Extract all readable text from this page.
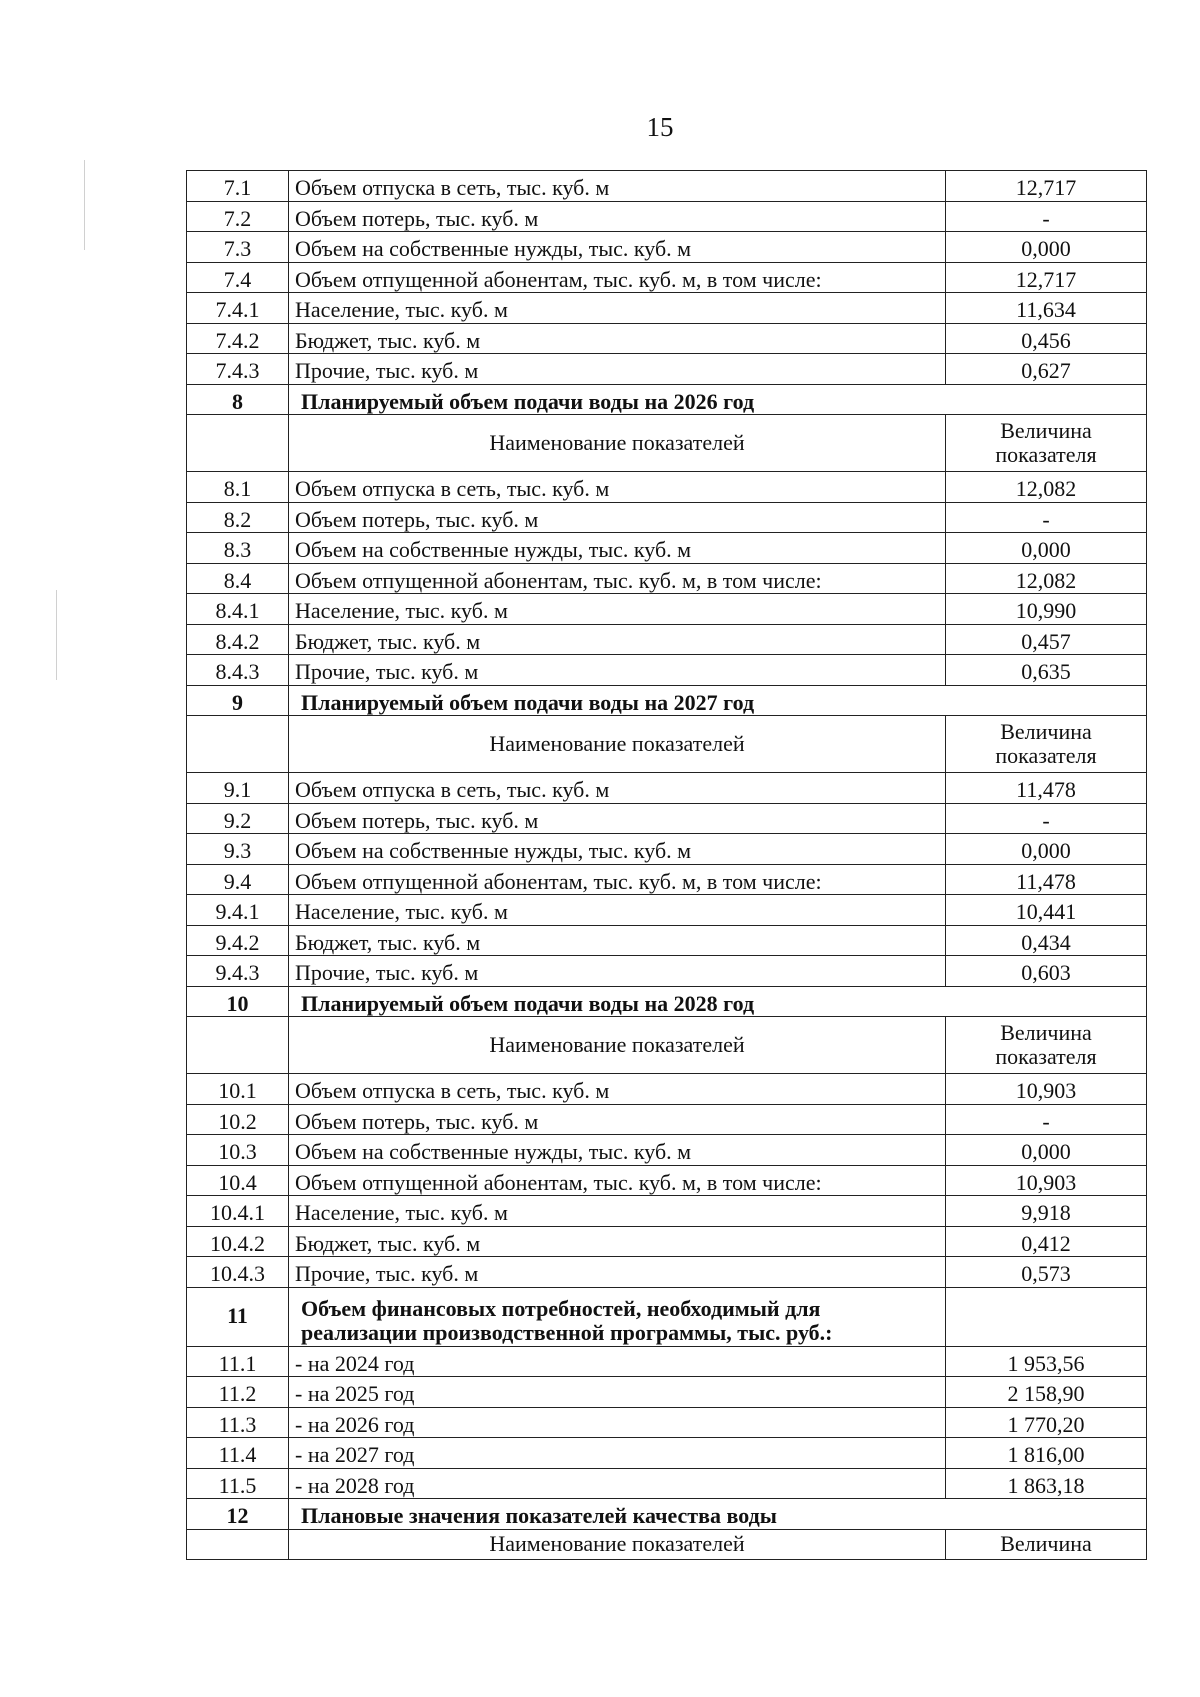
15
7.1	Объем отпуска в сеть, тыс. куб. м	12,717
7.2	Объем потерь, тыс. куб. м	-
7.3	Объем на собственные нужды, тыс. куб. м	0,000
7.4	Объем отпущенной абонентам, тыс. куб. м, в том числе:	12,717
7.4.1	Население, тыс. куб. м	11,634
7.4.2	Бюджет, тыс. куб. м	0,456
7.4.3	Прочие, тыс. куб. м	0,627
8	Планируемый объем подачи воды на 2026 год	
	Наименование показателей	Величина показателя
8.1	Объем отпуска в сеть, тыс. куб. м	12,082
8.2	Объем потерь, тыс. куб. м	-
8.3	Объем на собственные нужды, тыс. куб. м	0,000
8.4	Объем отпущенной абонентам, тыс. куб. м, в том числе:	12,082
8.4.1	Население, тыс. куб. м	10,990
8.4.2	Бюджет, тыс. куб. м	0,457
8.4.3	Прочие, тыс. куб. м	0,635
9	Планируемый объем подачи воды на 2027 год	
	Наименование показателей	Величина показателя
9.1	Объем отпуска в сеть, тыс. куб. м	11,478
9.2	Объем потерь, тыс. куб. м	-
9.3	Объем на собственные нужды, тыс. куб. м	0,000
9.4	Объем отпущенной абонентам, тыс. куб. м, в том числе:	11,478
9.4.1	Население, тыс. куб. м	10,441
9.4.2	Бюджет, тыс. куб. м	0,434
9.4.3	Прочие, тыс. куб. м	0,603
10	Планируемый объем подачи воды на 2028 год	
	Наименование показателей	Величина показателя
10.1	Объем отпуска в сеть, тыс. куб. м	10,903
10.2	Объем потерь, тыс. куб. м	-
10.3	Объем на собственные нужды, тыс. куб. м	0,000
10.4	Объем отпущенной абонентам, тыс. куб. м, в том числе:	10,903
10.4.1	Население, тыс. куб. м	9,918
10.4.2	Бюджет, тыс. куб. м	0,412
10.4.3	Прочие, тыс. куб. м	0,573
11	Объем финансовых потребностей, необходимый для реализации производственной программы, тыс. руб.:	
11.1	- на 2024 год	1 953,56
11.2	- на 2025 год	2 158,90
11.3	- на 2026 год	1 770,20
11.4	- на 2027 год	1 816,00
11.5	- на 2028 год	1 863,18
12	Плановые значения показателей качества воды	
	Наименование показателей	Величина
